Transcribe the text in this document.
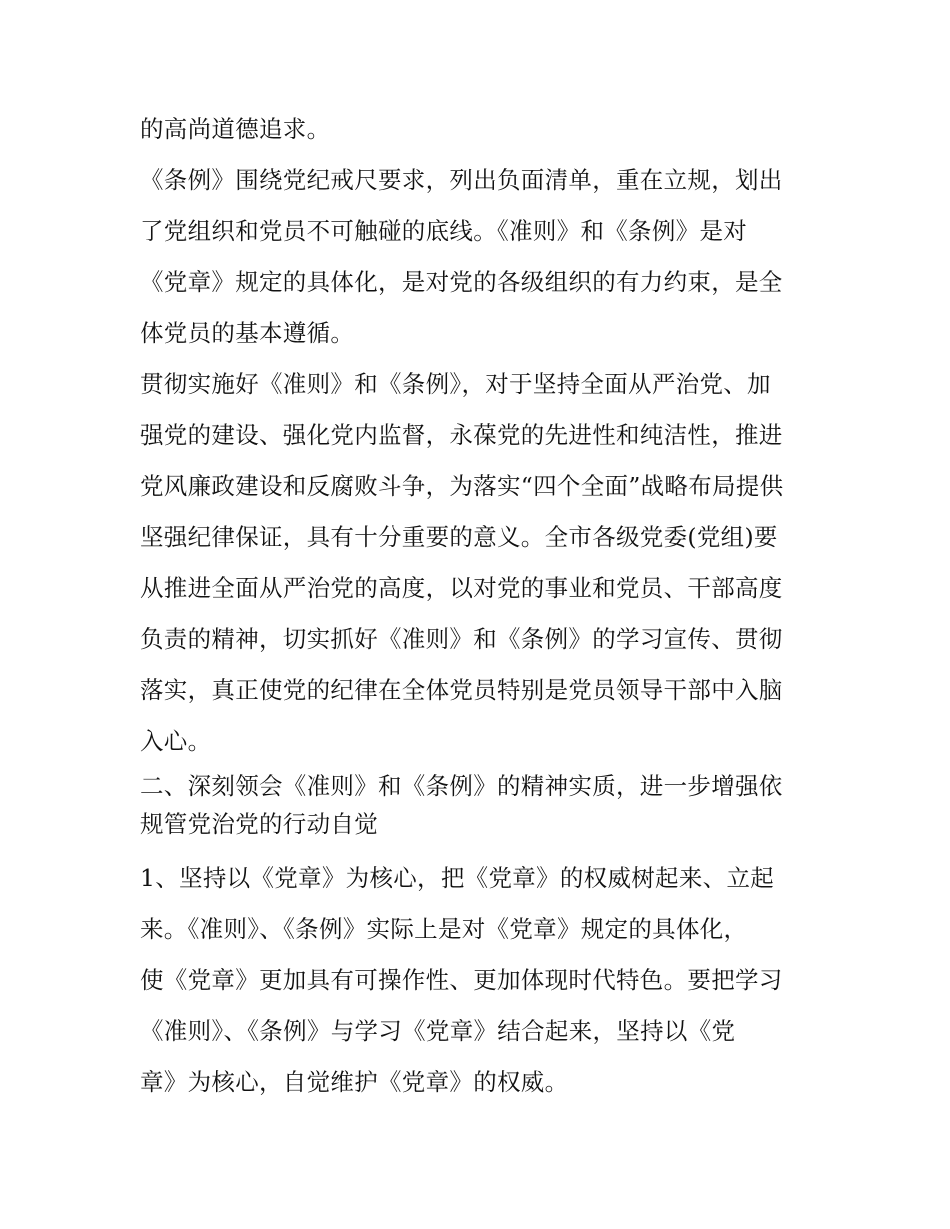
的高尚道德追求。
《条例》围绕党纪戒尺要求，列出负面清单，重在立规，划出
了党组织和党员不可触碰的底线。《准则》和《条例》是对
《党章》规定的具体化，是对党的各级组织的有力约束，是全
体党员的基本遵循。
贯彻实施好《准则》和《条例》，对于坚持全面从严治党、加
强党的建设、强化党内监督，永葆党的先进性和纯洁性，推进
党风廉政建设和反腐败斗争，为落实“四个全面”战略布局提供
坚强纪律保证，具有十分重要的意义。全市各级党委(党组)要
从推进全面从严治党的高度，以对党的事业和党员、干部高度
负责的精神，切实抓好《准则》和《条例》的学习宣传、贯彻
落实，真正使党的纪律在全体党员特别是党员领导干部中入脑
入心。
二、深刻领会《准则》和《条例》的精神实质，进一步增强依
规管党治党的行动自觉
1、坚持以《党章》为核心，把《党章》的权威树起来、立起
来。《准则》、《条例》实际上是对《党章》规定的具体化，
使《党章》更加具有可操作性、更加体现时代特色。要把学习
《准则》、《条例》与学习《党章》结合起来，坚持以《党
章》为核心，自觉维护《党章》的权威。
